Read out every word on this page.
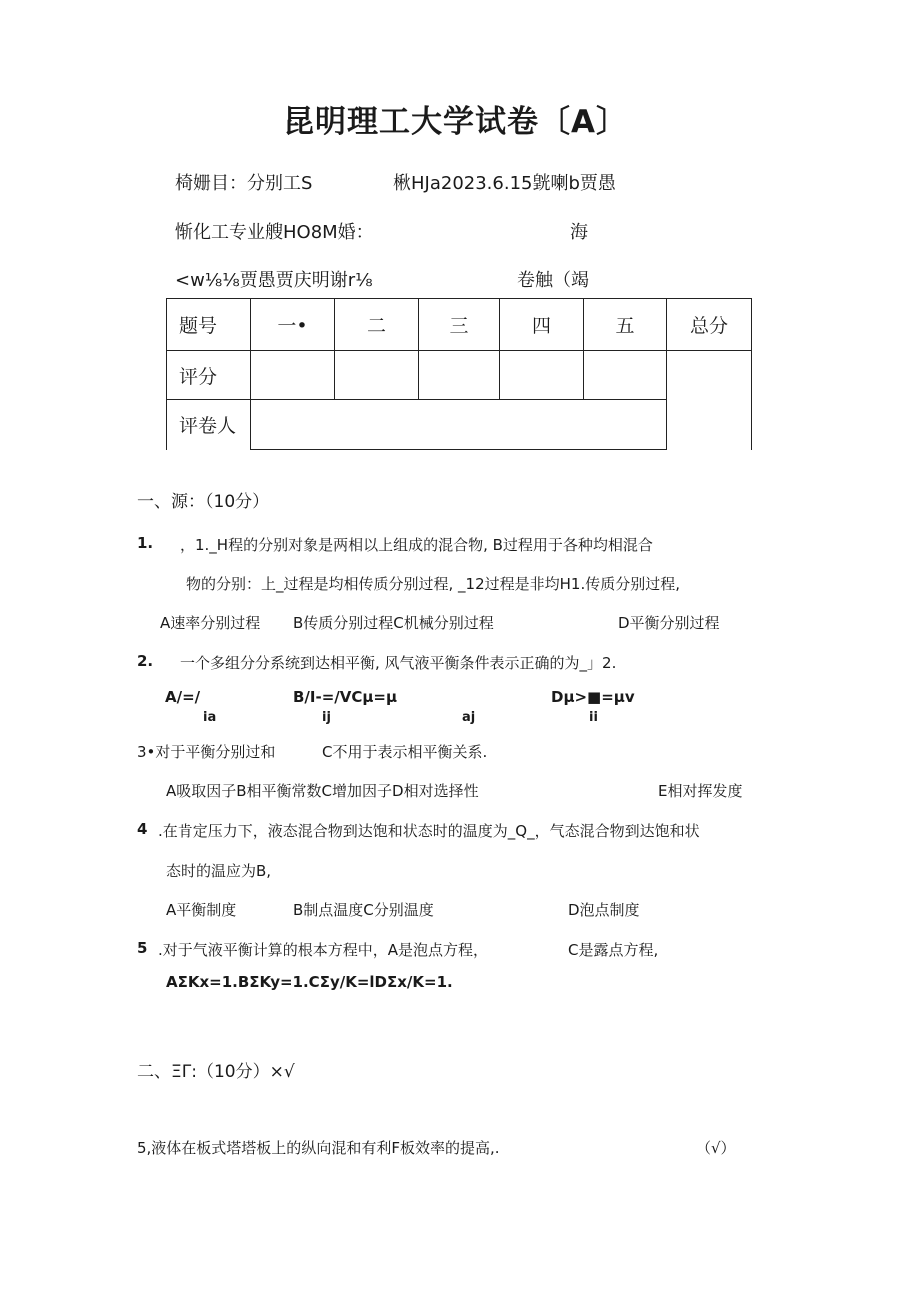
昆明理工大学试卷〔A〕
椅姗目：分别工S	楸HJa2023.6.15皝喇b贾愚
惭化工专业艘HO8M婚：	海
<w⅛⅛贾愚贾庆明谢r⅛	卷触（竭
题号	一•	二	三	四	五	总分
评分						
评卷人						
一、源：（10分）
1. ，1._H程的分别对象是两相以上组成的混合物, B过程用于各种均相混合
物的分别：上_过程是均相传质分别过程, _12过程是非均H1.传质分别过程,
A速率分别过程 B传质分别过程C机械分别过程	D平衡分别过程
2. 一个多组分分系统到达相平衡, 风气液平衡条件表示正确的为_」2.
A/=/	B/I-=/VCμ=μ	Dμ>■=μv
ia	ij	aj	ii
3•对于平衡分别过和	C不用于表示相平衡关系.
A吸取因子B相平衡常数C增加因子D相对选择性	E相对挥发度
4 .在肯定压力下，液态混合物到达饱和状态时的温度为_Q_，气态混合物到达饱和状
态时的温应为B,
A平衡制度	B制点温度C分别温度	D泡点制度
5 .对于气液平衡计算的根本方程中，A是泡点方程，	C是露点方程,
AΣKx=1.BΣKy=1.CΣy/K=lDΣx/K=1.
二、ΞΓ:（10分）×√
5,液体在板式塔塔板上的纵向混和有利F板效率的提高,.	（√）
